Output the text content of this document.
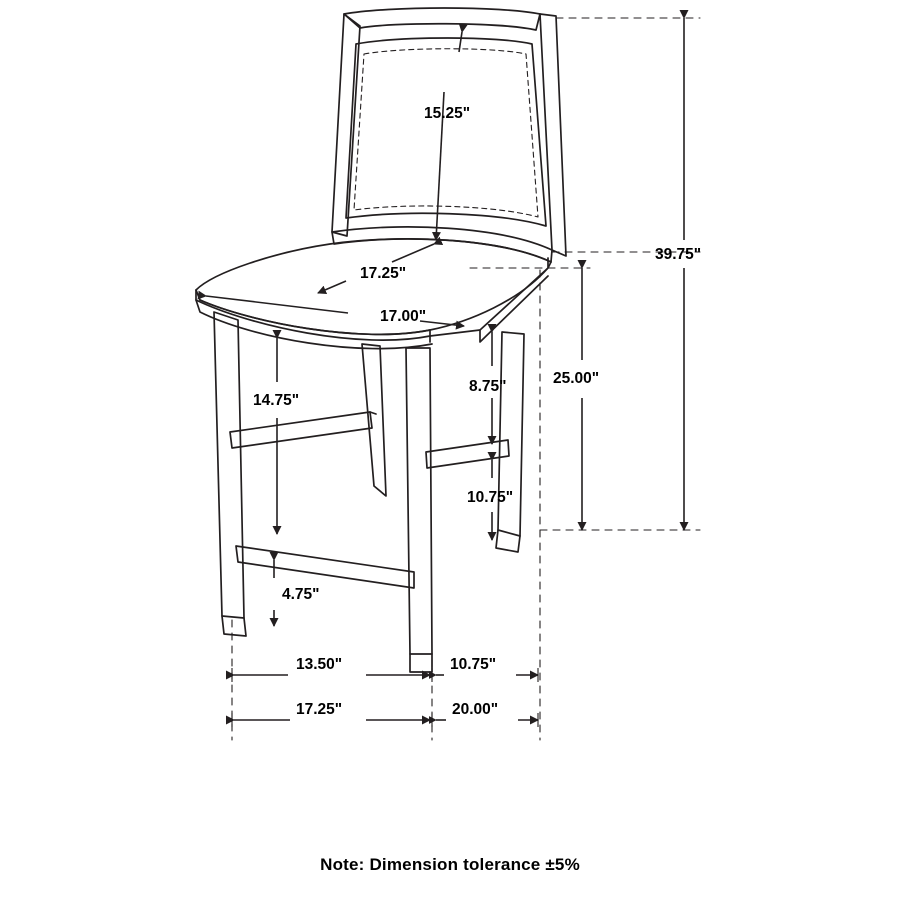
15.25"
17.25"
17.00"
39.75"
25.00"
8.75"
14.75"
10.75"
4.75"
13.50"	10.75"
17.25"	20.00"
Note: Dimension tolerance ±5%
